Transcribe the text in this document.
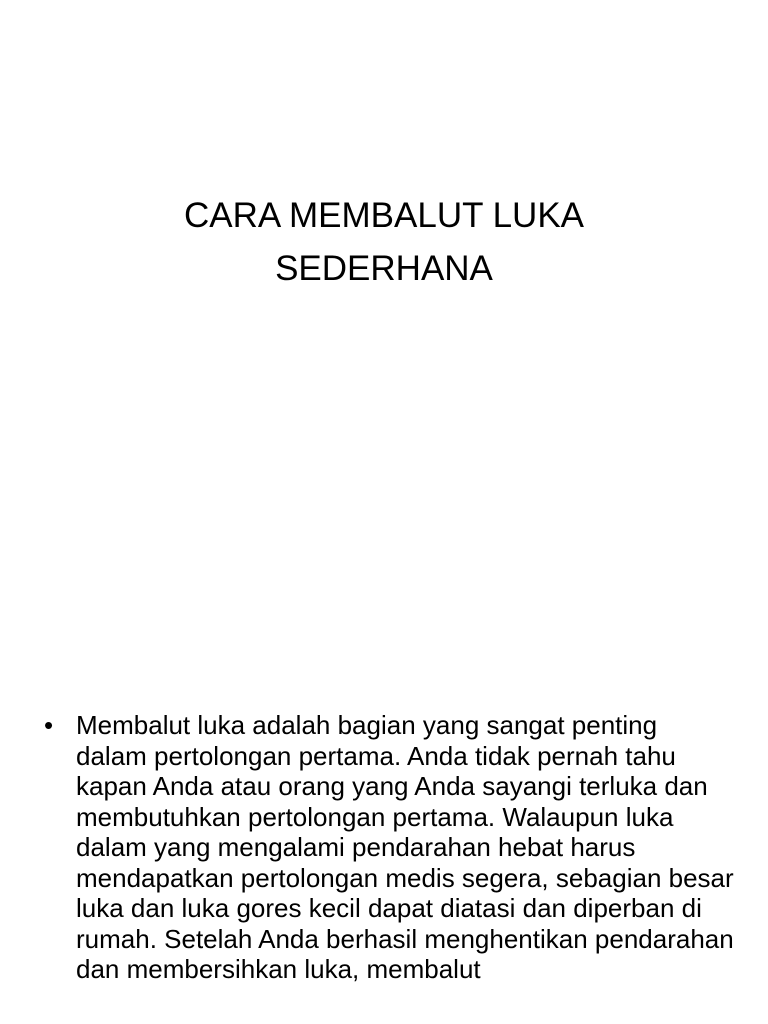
CARA MEMBALUT LUKA
SEDERHANA
• Membalut luka adalah bagian yang sangat penting dalam pertolongan pertama. Anda tidak pernah tahu kapan Anda atau orang yang Anda sayangi terluka dan membutuhkan pertolongan pertama. Walaupun luka dalam yang mengalami pendarahan hebat harus mendapatkan pertolongan medis segera, sebagian besar luka dan luka gores kecil dapat diatasi dan diperban di rumah. Setelah Anda berhasil menghentikan pendarahan dan membersihkan luka, membalut
